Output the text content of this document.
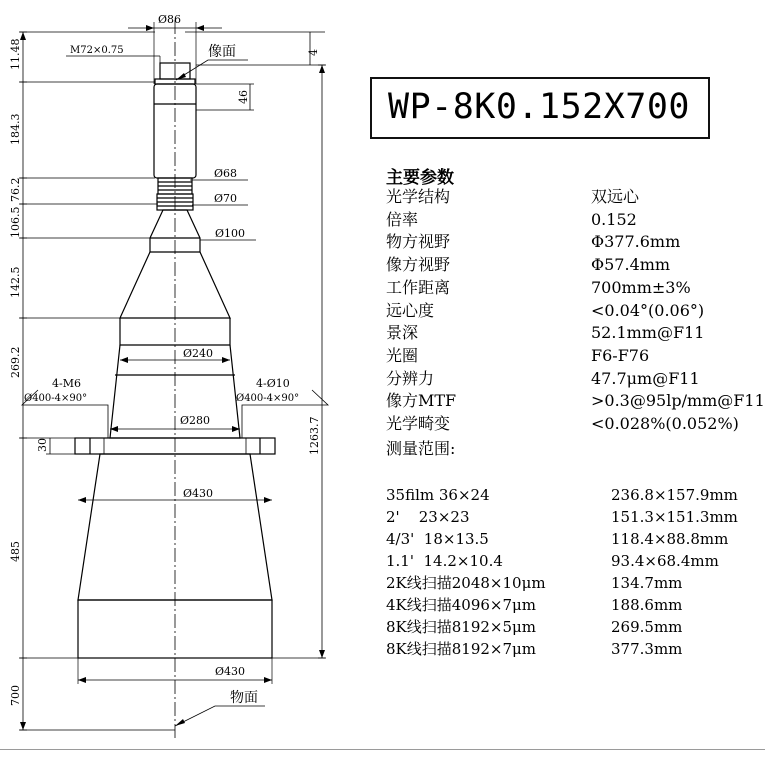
Ø86
M72×0.75	像面
Ø68
Ø70
Ø100
Ø240
Ø280
Ø430
Ø430
物面
4-M6
Ø400-4×90°
4-Ø10
Ø400-4×90°
30
46
4
1263.7
11.48
184.3
76.2
106.5
142.5
269.2
485
700
WP-8K0.152X700
主要参数
光学结构	双远心
倍率	0.152
物方视野	Φ377.6mm
像方视野	Φ57.4mm
工作距离	700mm±3%
远心度	<0.04°(0.06°)
景深	52.1mm@F11
光圈	F6-F76
分辨力	47.7μm@F11
像方MTF	>0.3@95lp/mm@F11
光学畸变	<0.028%(0.052%)
测量范围:
35film 36×24	236.8×157.9mm
2'    23×23	151.3×151.3mm
4/3'  18×13.5	118.4×88.8mm
1.1'  14.2×10.4	93.4×68.4mm
2K线扫描2048×10μm	134.7mm
4K线扫描4096×7μm	188.6mm
8K线扫描8192×5μm	269.5mm
8K线扫描8192×7μm	377.3mm
